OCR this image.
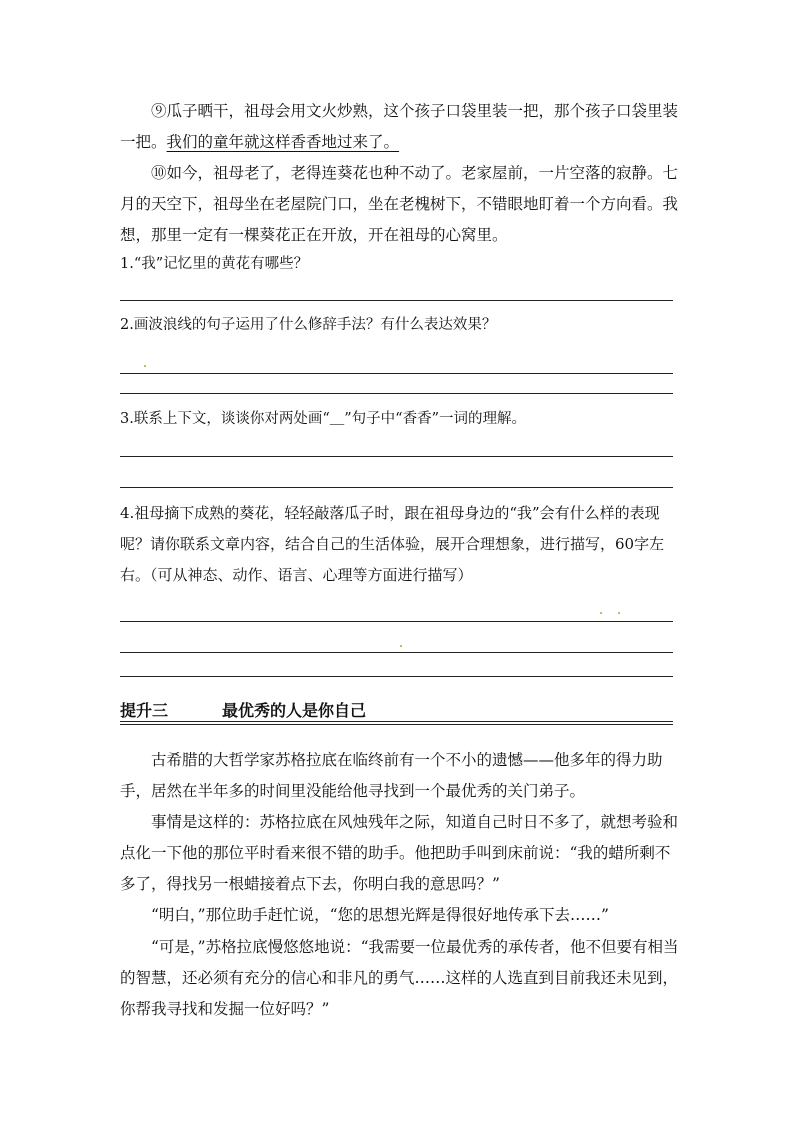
⑨瓜子晒干，祖母会用文火炒熟，这个孩子口袋里装一把，那个孩子口袋里装一把。我们的童年就这样香香地过来了。

⑩如今，祖母老了，老得连葵花也种不动了。老家屋前，一片空落的寂静。七月的天空下，祖母坐在老屋院门口，坐在老槐树下，不错眼地盯着一个方向看。我想，那里一定有一棵葵花正在开放，开在祖母的心窝里。

1.“我”记忆里的黄花有哪些？

2.画波浪线的句子运用了什么修辞手法？有什么表达效果？

3.联系上下文，谈谈你对两处画“＿”句子中“香香”一词的理解。

4.祖母摘下成熟的葵花，轻轻敲落瓜子时，跟在祖母身边的“我”会有什么样的表现呢？请你联系文章内容，结合自己的生活体验，展开合理想象，进行描写，60字左右。（可从神态、动作、语言、心理等方面进行描写）

提升三	最优秀的人是你自己

古希腊的大哲学家苏格拉底在临终前有一个不小的遗憾——他多年的得力助手，居然在半年多的时间里没能给他寻找到一个最优秀的关门弟子。

事情是这样的：苏格拉底在风烛残年之际，知道自己时日不多了，就想考验和点化一下他的那位平时看来很不错的助手。他把助手叫到床前说：“我的蜡所剩不多了，得找另一根蜡接着点下去，你明白我的意思吗？”

“明白，”那位助手赶忙说，“您的思想光辉是得很好地传承下去……”

“可是，”苏格拉底慢悠悠地说：“我需要一位最优秀的承传者，他不但要有相当的智慧，还必须有充分的信心和非凡的勇气……这样的人选直到目前我还未见到，你帮我寻找和发掘一位好吗？”
